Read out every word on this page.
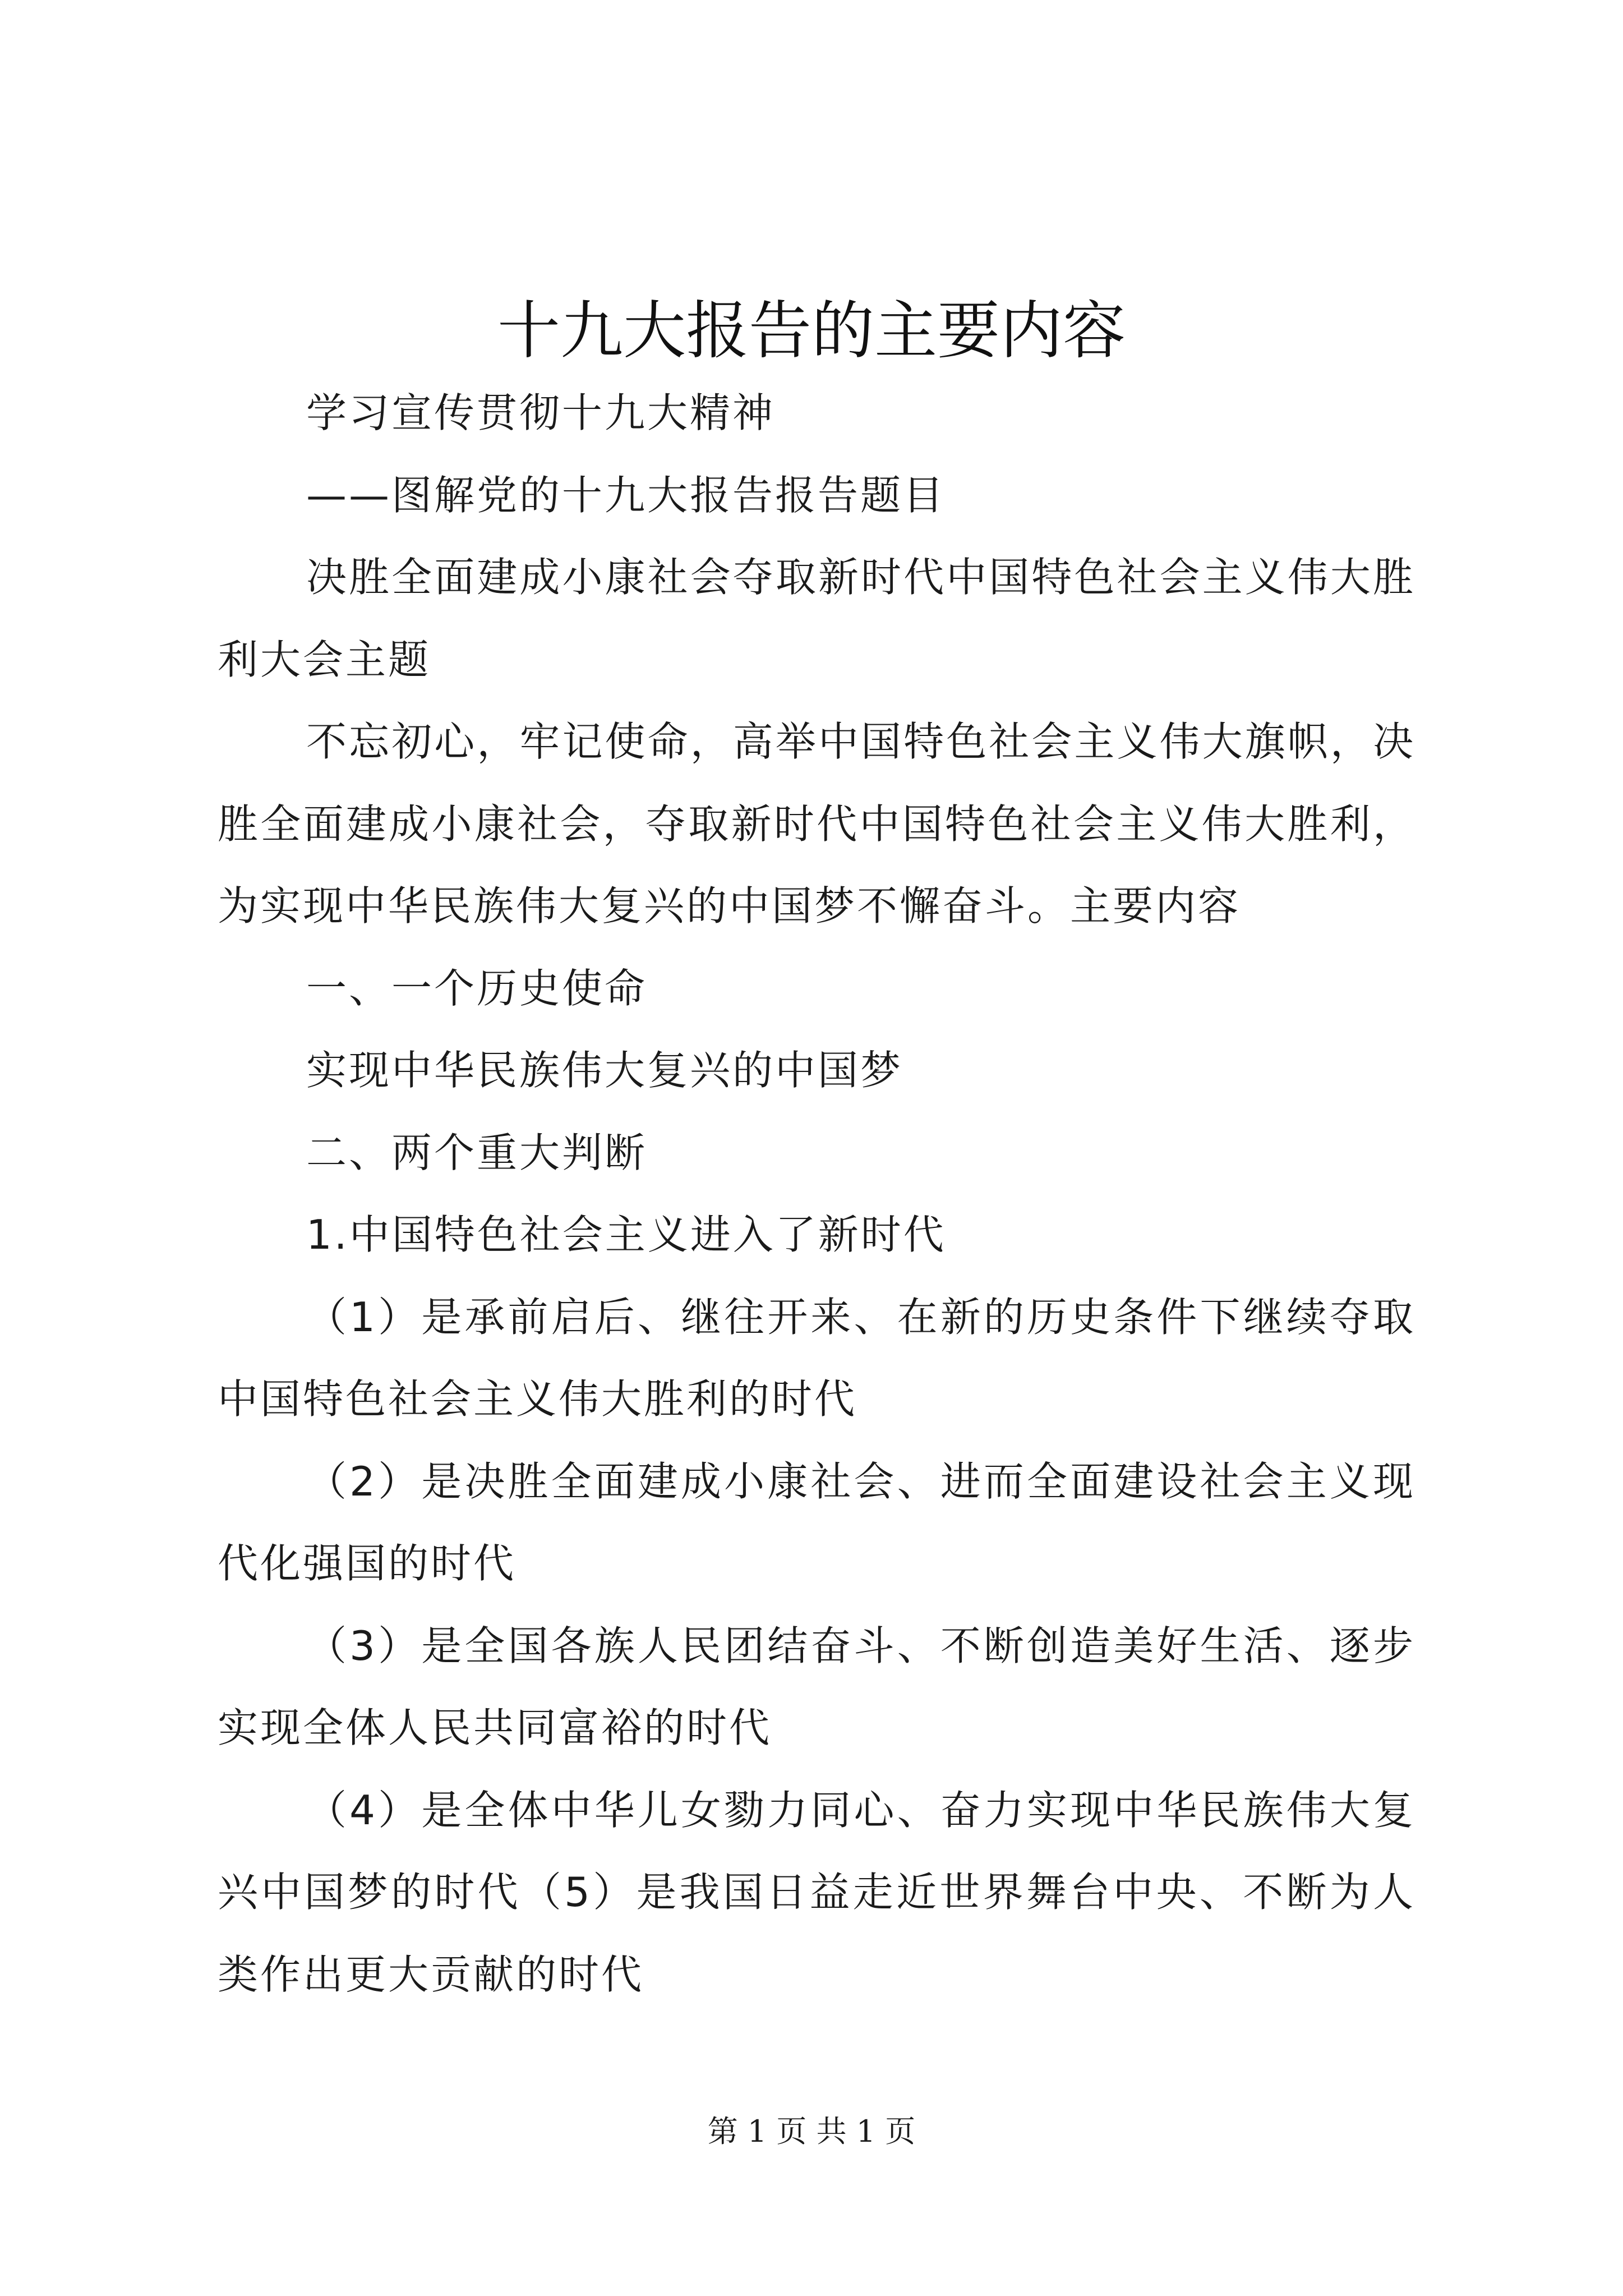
十九大报告的主要内容

学习宣传贯彻十九大精神

——图解党的十九大报告报告题目

决胜全面建成小康社会夺取新时代中国特色社会主义伟大胜利大会主题

不忘初心，牢记使命，高举中国特色社会主义伟大旗帜，决胜全面建成小康社会，夺取新时代中国特色社会主义伟大胜利，为实现中华民族伟大复兴的中国梦不懈奋斗。主要内容

一、一个历史使命

实现中华民族伟大复兴的中国梦

二、两个重大判断

1.中国特色社会主义进入了新时代

（1）是承前启后、继往开来、在新的历史条件下继续夺取中国特色社会主义伟大胜利的时代

（2）是决胜全面建成小康社会、进而全面建设社会主义现代化强国的时代

（3）是全国各族人民团结奋斗、不断创造美好生活、逐步实现全体人民共同富裕的时代

（4）是全体中华儿女勠力同心、奋力实现中华民族伟大复兴中国梦的时代（5）是我国日益走近世界舞台中央、不断为人类作出更大贡献的时代

第 1 页 共 1 页
